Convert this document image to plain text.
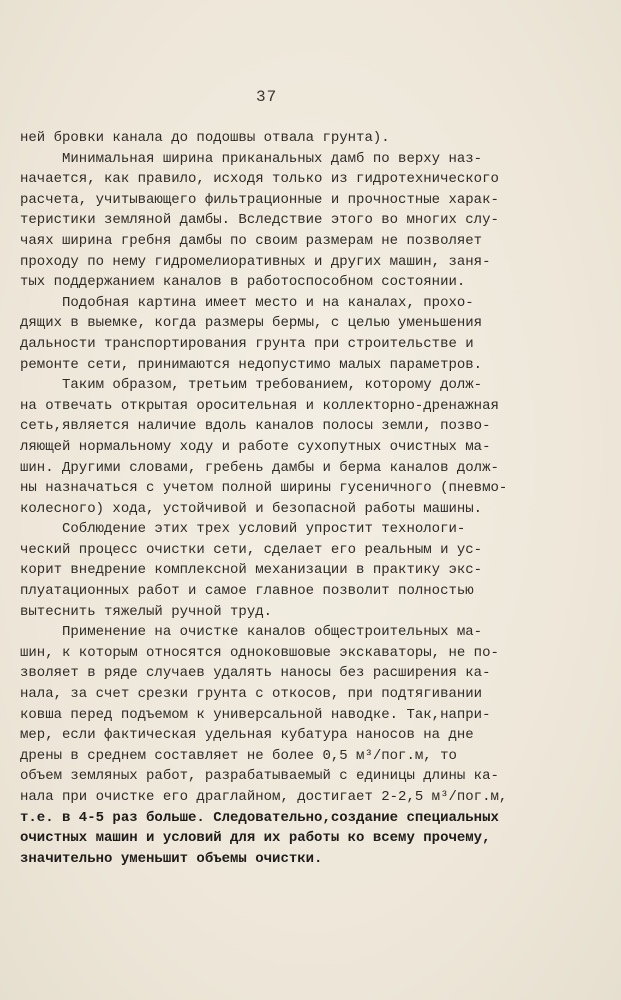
37
ней бровки канала до подошвы отвала грунта).
Минимальная ширина приканальных дамб по верху наз-
начается, как правило, исходя только из гидротехнического
расчета, учитывающего фильтрационные и прочностные харак-
теристики земляной дамбы. Вследствие этого во многих слу-
чаях ширина гребня дамбы по своим размерам не позволяет
проходу по нему гидромелиоративных и других машин, заня-
тых поддержанием каналов в работоспособном состоянии.
Подобная картина имеет место и на каналах, прохо-
дящих в выемке, когда размеры бермы, с целью уменьшения
дальности транспортирования грунта при строительстве и
ремонте сети, принимаются недопустимо малых параметров.
Таким образом, третьим требованием, которому долж-
на отвечать открытая оросительная и коллекторно-дренажная
сеть,является наличие вдоль каналов полосы земли, позво-
ляющей нормальному ходу и работе сухопутных очистных ма-
шин. Другими словами, гребень дамбы и берма каналов долж-
ны назначаться с учетом полной ширины гусеничного (пневмо-
колесного) хода, устойчивой и безопасной работы машины.
Соблюдение этих трех условий упростит технологи-
ческий процесс очистки сети, сделает его реальным и ус-
корит внедрение комплексной механизации в практику экс-
плуатационных работ и самое главное позволит полностью
вытеснить тяжелый ручной труд.
Применение на очистке каналов общестроительных ма-
шин, к которым относятся одноковшовые экскаваторы, не по-
зволяет в ряде случаев удалять наносы без расширения ка-
нала, за счет срезки грунта с откосов, при подтягивании
ковша перед подъемом к универсальной наводке. Так,напри-
мер, если фактическая удельная кубатура наносов на дне
дрены в среднем составляет не более 0,5 м³/пог.м, то
объем земляных работ, разрабатываемый с единицы длины ка-
нала при очистке его драглайном, достигает 2-2,5 м³/пог.м,
т.е. в 4-5 раз больше. Следовательно,создание специальных
очистных машин и условий для их работы ко всему прочему,
значительно уменьшит объемы очистки.
